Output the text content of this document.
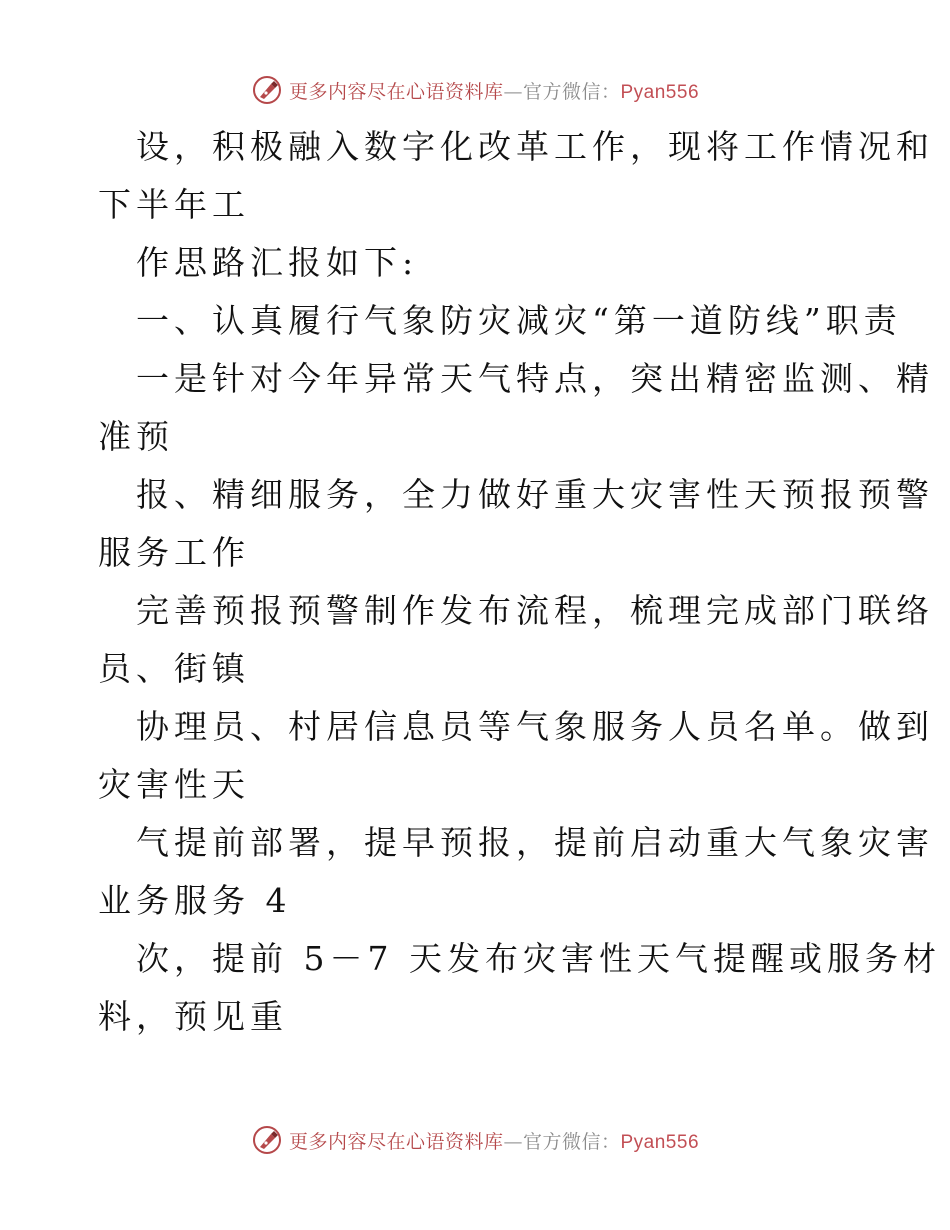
更多内容尽在心语资料库—官方微信：Pyan556
设，积极融入数字化改革工作，现将工作情况和
下半年工
作思路汇报如下:
一、认真履行气象防灾减灾“第一道防线”职责
一是针对今年异常天气特点，突出精密监测、精
准预
报、精细服务，全力做好重大灾害性天预报预警
服务工作
完善预报预警制作发布流程，梳理完成部门联络
员、街镇
协理员、村居信息员等气象服务人员名单。做到
灾害性天
气提前部署，提早预报，提前启动重大气象灾害
业务服务 4
次，提前 5－7 天发布灾害性天气提醒或服务材
料，预见重
更多内容尽在心语资料库—官方微信：Pyan556
